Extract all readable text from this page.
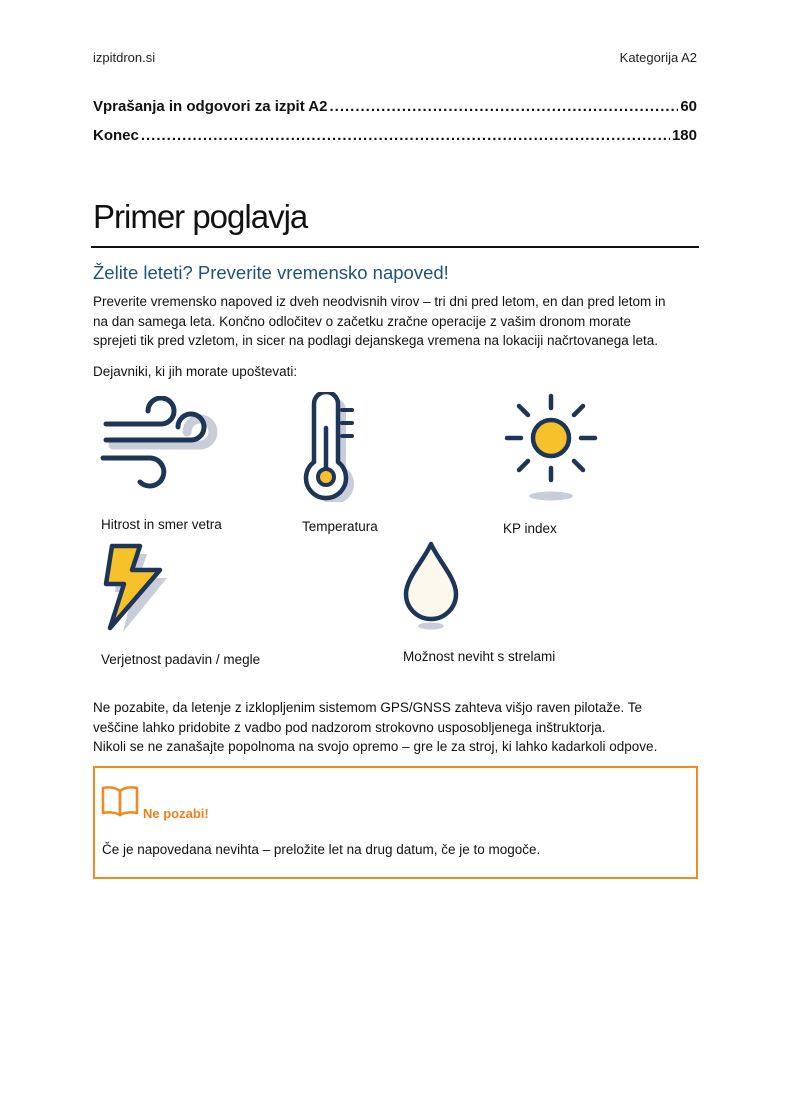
izpitdron.si	Kategorija A2
Vprašanja in odgovori za izpit A2 .....	60
Konec .....	180
Primer poglavja
Želite leteti? Preverite vremensko napoved!
Preverite vremensko napoved iz dveh neodvisnih virov – tri dni pred letom, en dan pred letom in
na dan samega leta. Končno odločitev o začetku zračne operacije z vašim dronom morate
sprejeti tik pred vzletom, in sicer na podlagi dejanskega vremena na lokaciji načrtovanega leta.
Dejavniki, ki jih morate upoštevati:
Hitrost in smer vetra	Temperatura	KP index
Verjetnost padavin / megle	Možnost neviht s strelami
Ne pozabite, da letenje z izklopljenim sistemom GPS/GNSS zahteva višjo raven pilotaže. Te
veščine lahko pridobite z vadbo pod nadzorom strokovno usposobljenega inštruktorja.
Nikoli se ne zanašajte popolnoma na svojo opremo – gre le za stroj, ki lahko kadarkoli odpove.
Ne pozabi!
Če je napovedana nevihta – preložite let na drug datum, če je to mogoče.
